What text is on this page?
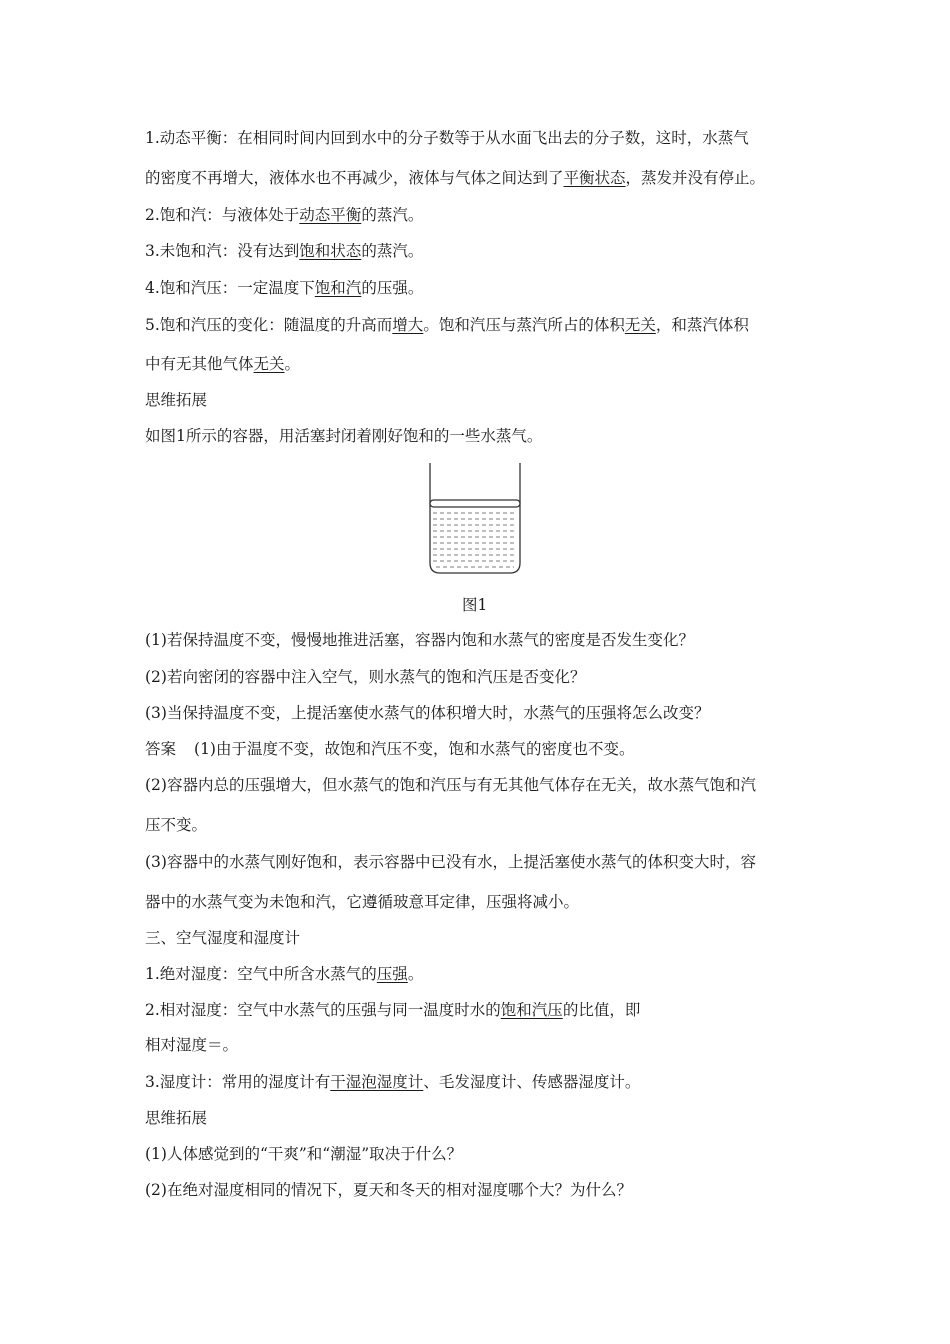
1.动态平衡：在相同时间内回到水中的分子数等于从水面飞出去的分子数，这时，水蒸气
的密度不再增大，液体水也不再减少，液体与气体之间达到了平衡状态，蒸发并没有停止。
2.饱和汽：与液体处于动态平衡的蒸汽。
3.未饱和汽：没有达到饱和状态的蒸汽。
4.饱和汽压：一定温度下饱和汽的压强。
5.饱和汽压的变化：随温度的升高而增大。饱和汽压与蒸汽所占的体积无关，和蒸汽体积
中有无其他气体无关。
思维拓展
如图1所示的容器，用活塞封闭着刚好饱和的一些水蒸气。
图1
(1)若保持温度不变，慢慢地推进活塞，容器内饱和水蒸气的密度是否发生变化？
(2)若向密闭的容器中注入空气，则水蒸气的饱和汽压是否变化？
(3)当保持温度不变，上提活塞使水蒸气的体积增大时，水蒸气的压强将怎么改变？
答案 (1)由于温度不变，故饱和汽压不变，饱和水蒸气的密度也不变。
(2)容器内总的压强增大，但水蒸气的饱和汽压与有无其他气体存在无关，故水蒸气饱和汽
压不变。
(3)容器中的水蒸气刚好饱和，表示容器中已没有水，上提活塞使水蒸气的体积变大时，容
器中的水蒸气变为未饱和汽，它遵循玻意耳定律，压强将减小。
三、空气湿度和湿度计
1.绝对湿度：空气中所含水蒸气的压强。
2.相对湿度：空气中水蒸气的压强与同一温度时水的饱和汽压的比值，即
相对湿度＝。
3.湿度计：常用的湿度计有干湿泡湿度计、毛发湿度计、传感器湿度计。
思维拓展
(1)人体感觉到的“干爽”和“潮湿”取决于什么？
(2)在绝对湿度相同的情况下，夏天和冬天的相对湿度哪个大？为什么？
